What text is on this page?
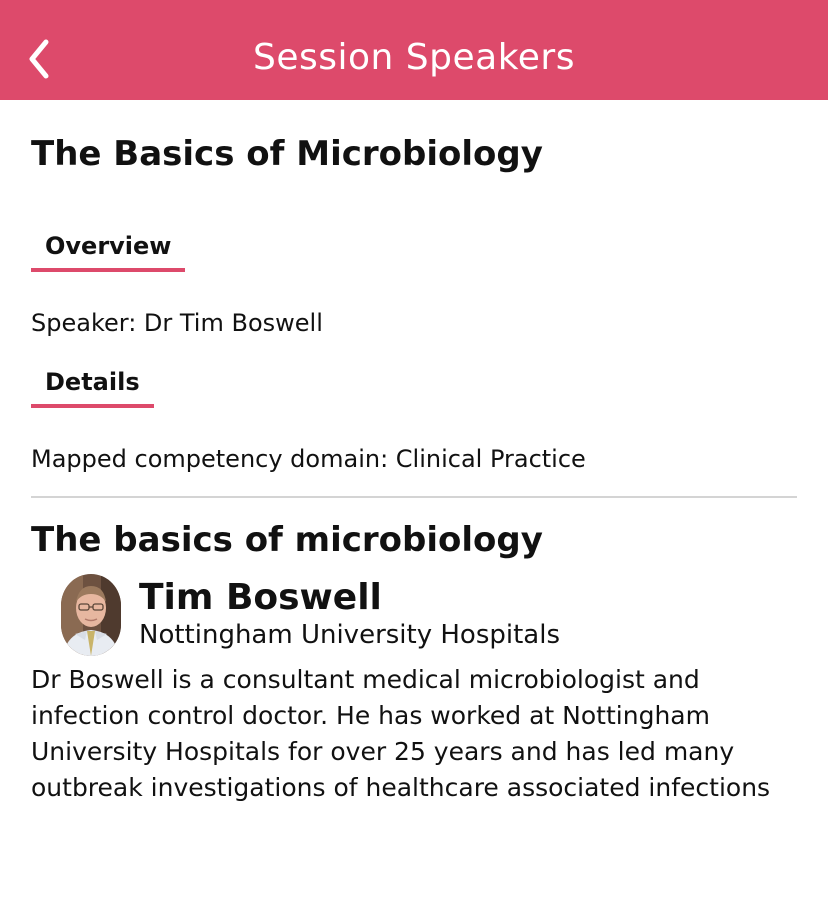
Session Speakers
The Basics of Microbiology
Overview
Speaker: Dr Tim Boswell
Details
Mapped competency domain: Clinical Practice
The basics of microbiology
Tim Boswell
Nottingham University Hospitals
Dr Boswell is a consultant medical microbiologist and infection control doctor. He has worked at Nottingham University Hospitals for over 25 years and has led many outbreak investigations of healthcare associated infections
